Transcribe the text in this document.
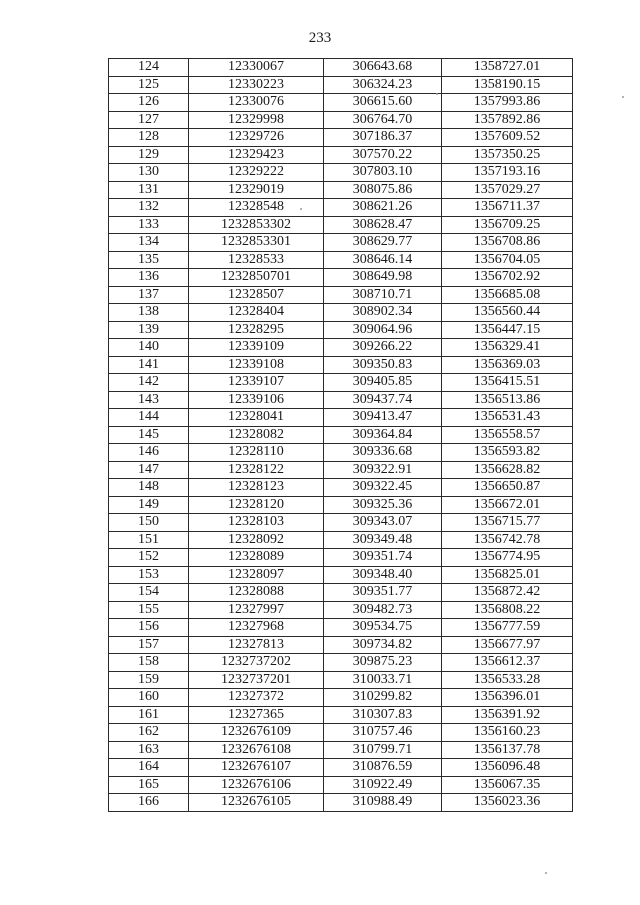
233
124	12330067	306643.68	1358727.01
125	12330223	306324.23	1358190.15
126	12330076	306615.60	1357993.86
127	12329998	306764.70	1357892.86
128	12329726	307186.37	1357609.52
129	12329423	307570.22	1357350.25
130	12329222	307803.10	1357193.16
131	12329019	308075.86	1357029.27
132	12328548	308621.26	1356711.37
133	1232853302	308628.47	1356709.25
134	1232853301	308629.77	1356708.86
135	12328533	308646.14	1356704.05
136	1232850701	308649.98	1356702.92
137	12328507	308710.71	1356685.08
138	12328404	308902.34	1356560.44
139	12328295	309064.96	1356447.15
140	12339109	309266.22	1356329.41
141	12339108	309350.83	1356369.03
142	12339107	309405.85	1356415.51
143	12339106	309437.74	1356513.86
144	12328041	309413.47	1356531.43
145	12328082	309364.84	1356558.57
146	12328110	309336.68	1356593.82
147	12328122	309322.91	1356628.82
148	12328123	309322.45	1356650.87
149	12328120	309325.36	1356672.01
150	12328103	309343.07	1356715.77
151	12328092	309349.48	1356742.78
152	12328089	309351.74	1356774.95
153	12328097	309348.40	1356825.01
154	12328088	309351.77	1356872.42
155	12327997	309482.73	1356808.22
156	12327968	309534.75	1356777.59
157	12327813	309734.82	1356677.97
158	1232737202	309875.23	1356612.37
159	1232737201	310033.71	1356533.28
160	12327372	310299.82	1356396.01
161	12327365	310307.83	1356391.92
162	1232676109	310757.46	1356160.23
163	1232676108	310799.71	1356137.78
164	1232676107	310876.59	1356096.48
165	1232676106	310922.49	1356067.35
166	1232676105	310988.49	1356023.36
